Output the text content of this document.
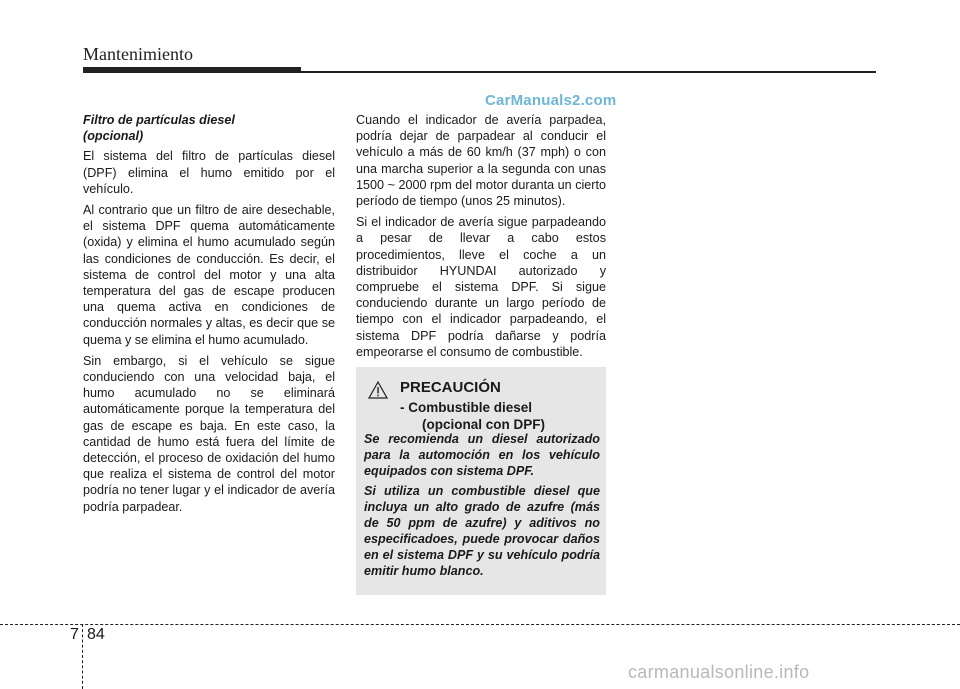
Mantenimiento
CarManuals2.com
Filtro de partículas diesel
(opcional)

El sistema del filtro de partículas diesel (DPF) elimina el humo emitido por el vehículo.

Al contrario que un filtro de aire desechable, el sistema DPF quema automáticamente (oxida) y elimina el humo acumulado según las condiciones de conducción. Es decir, el sistema de control del motor y una alta temperatura del gas de escape producen una quema activa en condiciones de conducción normales y altas, es decir que se quema y se elimina el humo acumulado.

Sin embargo, si el vehículo se sigue conduciendo con una velocidad baja, el humo acumulado no se eliminará automáticamente porque la temperatura del gas de escape es baja. En este caso, la cantidad de humo está fuera del límite de detección, el proceso de oxidación del humo que realiza el sistema de control del motor podría no tener lugar y el indicador de avería podría parpadear.

Cuando el indicador de avería parpadea, podría dejar de parpadear al conducir el vehículo a más de 60 km/h (37 mph) o con una marcha superior a la segunda con unas 1500 ~ 2000 rpm del motor duranta un cierto período de tiempo (unos 25 minutos).

Si el indicador de avería sigue parpadeando a pesar de llevar a cabo estos procedimientos, lleve el coche a un distribuidor HYUNDAI autorizado y compruebe el sistema DPF. Si sigue conduciendo durante un largo período de tiempo con el indicador parpadeando, el sistema DPF podría dañarse y podría empeorarse el consumo de combustible.

PRECAUCIÓN
- Combustible diesel
(opcional con DPF)

Se recomienda un diesel autorizado para la automoción en los vehículo equipados con sistema DPF.

Si utiliza un combustible diesel que incluya un alto grado de azufre (más de 50 ppm de azufre) y aditivos no especificadoes, puede provocar daños en el sistema DPF y su vehículo podría emitir humo blanco.

7 84
carmanualsonline.info
